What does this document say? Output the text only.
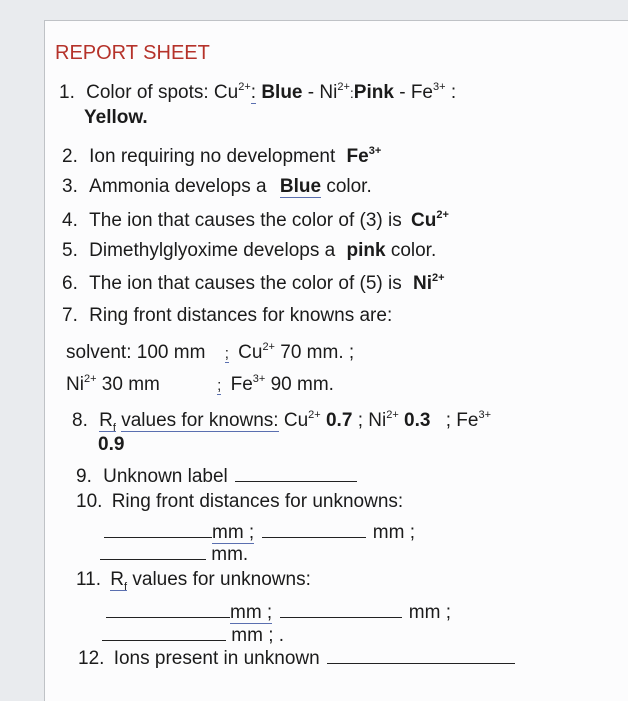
REPORT SHEET
1. Color of spots: $Cu^{2+}$: Blue - $Ni^{2+}:Pink - Fe^{3+}$ :
Yellow.
2. Ion requiring no development $Fe^{3+}$
3. Ammonia develops a Blue color.
4. The ion that causes the color of (3) is $Cu^{2+}$
5. Dimethylglyoxime develops a pink color.
6. The ion that causes the color of (5) is $Ni^{2+}$
7. Ring front distances for knowns are:
solvent: 100 mm ; $Cu^{2+}$ 70 mm. ;
$Ni^{2+}$ 30 mm	; $Fe^{3+}$ 90 mm.
8. $R_f$ values for knowns: $Cu^{2+}$ 0.7 ; $Ni^{2+}$ 0.3 ; $Fe^{3+}$
0.9
9. Unknown label
10. Ring front distances for unknowns:
mm ;	mm ;
mm.
11. $R_f$ values for unknowns:
mm ;	mm ;
mm ; .
12. Ions present in unknown
